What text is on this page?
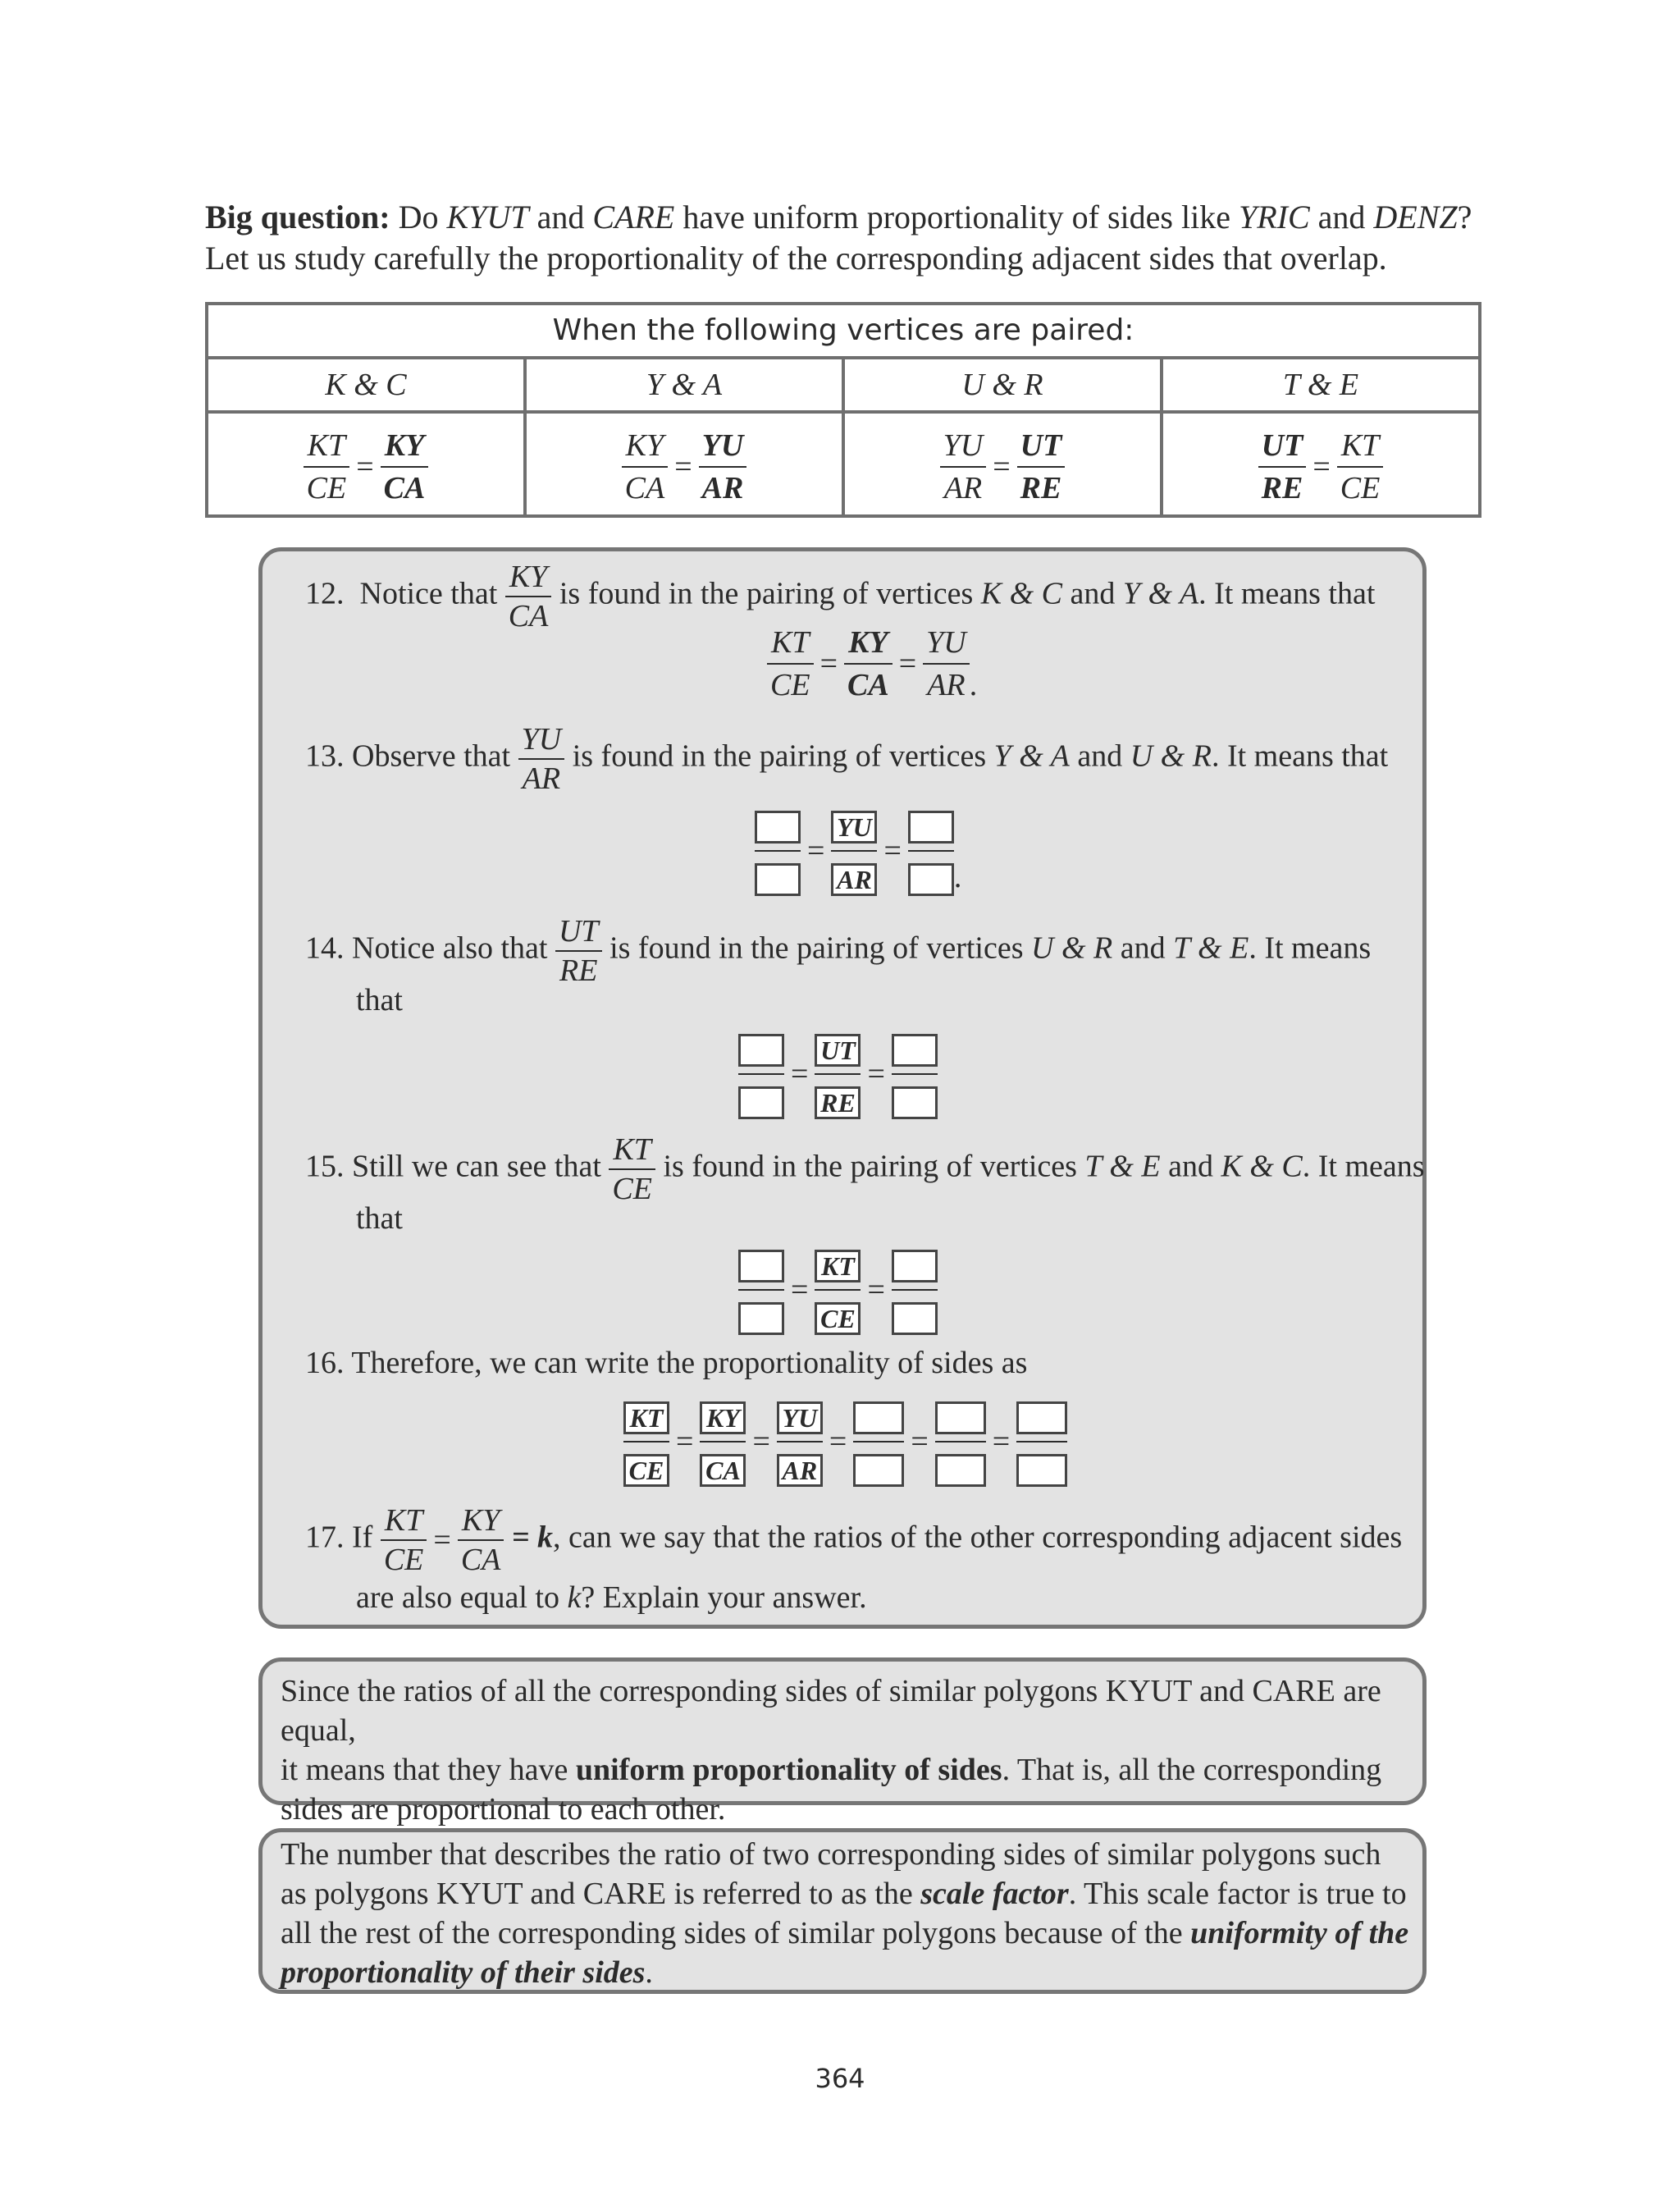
Big question: Do KYUT and CARE have uniform proportionality of sides like YRIC and DENZ?
Let us study carefully the proportionality of the corresponding adjacent sides that overlap.
When the following vertices are paired:
K & C	Y & A	U & R	T & E
$\frac{KT}{CE} = \frac{KY}{CA}$	$\frac{KY}{CA} = \frac{YU}{AR}$	$\frac{YU}{AR} = \frac{UT}{RE}$	$\frac{UT}{RE} = \frac{KT}{CE}$
12. Notice that $\frac{KY}{CA}$ is found in the pairing of vertices K & C and Y & A. It means that
$\frac{KT}{CE} = \frac{KY}{CA} = \frac{YU}{AR}$ .
13. Observe that $\frac{YU}{AR}$ is found in the pairing of vertices Y & A and U & R. It means that
= $\frac{YU}{AR}$ =
.
14. Notice also that $\frac{UT}{RE}$ is found in the pairing of vertices U & R and T & E. It means
that
= $\frac{UT}{RE}$ =
15. Still we can see that $\frac{KT}{CE}$ is found in the pairing of vertices T & E and K & C. It means
that
= $\frac{KT}{CE}$ =
16. Therefore, we can write the proportionality of sides as
$\frac{KT}{CE} = \frac{KY}{CA} = \frac{YU}{AR}$ = = =
17. If $\frac{KT}{CE} = \frac{KY}{CA} = k$, can we say that the ratios of the other corresponding adjacent sides
are also equal to k? Explain your answer.
Since the ratios of all the corresponding sides of similar polygons KYUT and CARE are equal,
it means that they have uniform proportionality of sides. That is, all the corresponding
sides are proportional to each other.
The number that describes the ratio of two corresponding sides of similar polygons such
as polygons KYUT and CARE is referred to as the scale factor. This scale factor is true to
all the rest of the corresponding sides of similar polygons because of the uniformity of the
proportionality of their sides.
364
